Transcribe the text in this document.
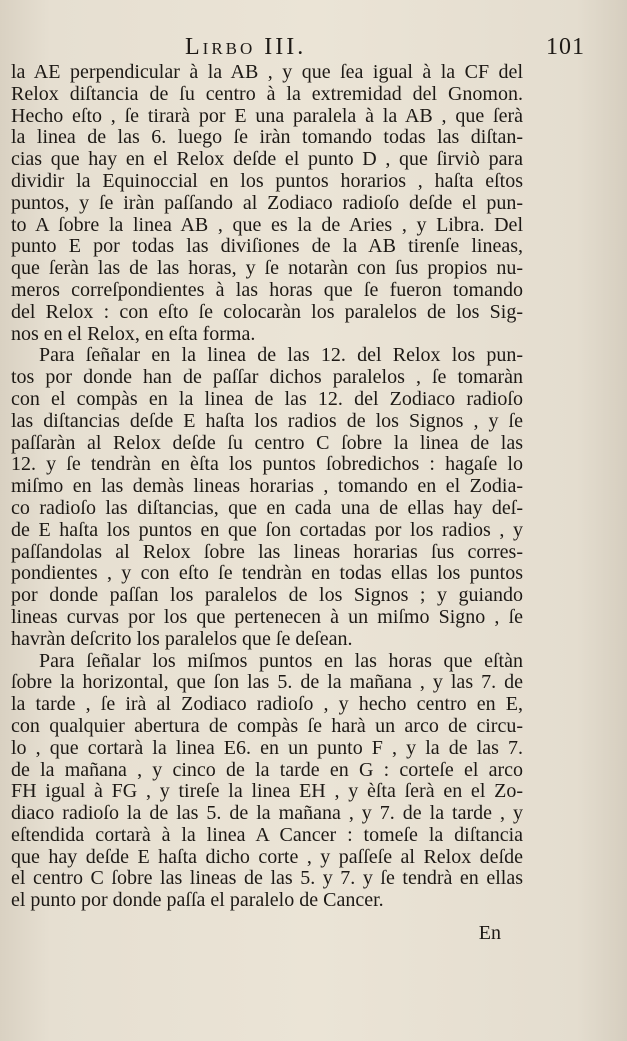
Lirbo III.	101
la AE perpendicular à la AB , y que ſea igual à la CF del
Relox diſtancia de ſu centro à la extremidad del Gnomon.
Hecho eſto , ſe tirarà por E una paralela à la AB , que ſerà
la linea de las 6. luego ſe iràn tomando todas las diſtan-
cias que hay en el Relox deſde el punto D , que ſirviò para
dividir la Equinoccial en los puntos horarios , haſta eſtos
puntos, y ſe iràn paſſando al Zodiaco radioſo deſde el pun-
to A ſobre la linea AB , que es la de Aries , y Libra. Del
punto E por todas las diviſiones de la AB tirenſe lineas,
que ſeràn las de las horas, y ſe notaràn con ſus propios nu-
meros correſpondientes à las horas que ſe fueron tomando
del Relox : con eſto ſe colocaràn los paralelos de los Sig-
nos en el Relox, en eſta forma.
Para ſeñalar en la linea de las 12. del Relox los pun-
tos por donde han de paſſar dichos paralelos , ſe tomaràn
con el compàs en la linea de las 12. del Zodiaco radioſo
las diſtancias deſde E haſta los radios de los Signos , y ſe
paſſaràn al Relox deſde ſu centro C ſobre la linea de las
12. y ſe tendràn en èſta los puntos ſobredichos : hagaſe lo
miſmo en las demàs lineas horarias , tomando en el Zodia-
co radioſo las diſtancias, que en cada una de ellas hay deſ-
de E haſta los puntos en que ſon cortadas por los radios , y
paſſandolas al Relox ſobre las lineas horarias ſus corres-
pondientes , y con eſto ſe tendràn en todas ellas los puntos
por donde paſſan los paralelos de los Signos ; y guiando
lineas curvas por los que pertenecen à un miſmo Signo , ſe
havràn deſcrito los paralelos que ſe deſean.
Para ſeñalar los miſmos puntos en las horas que eſtàn
ſobre la horizontal, que ſon las 5. de la mañana , y las 7. de
la tarde , ſe irà al Zodiaco radioſo , y hecho centro en E,
con qualquier abertura de compàs ſe harà un arco de circu-
lo , que cortarà la linea E6. en un punto F , y la de las 7.
de la mañana , y cinco de la tarde en G : corteſe el arco
FH igual à FG , y tireſe la linea EH , y èſta ſerà en el Zo-
diaco radioſo la de las 5. de la mañana , y 7. de la tarde , y
eſtendida cortarà à la linea A Cancer : tomeſe la diſtancia
que hay deſde E haſta dicho corte , y paſſeſe al Relox deſde
el centro C ſobre las lineas de las 5. y 7. y ſe tendrà en ellas
el punto por donde paſſa el paralelo de Cancer.
En
